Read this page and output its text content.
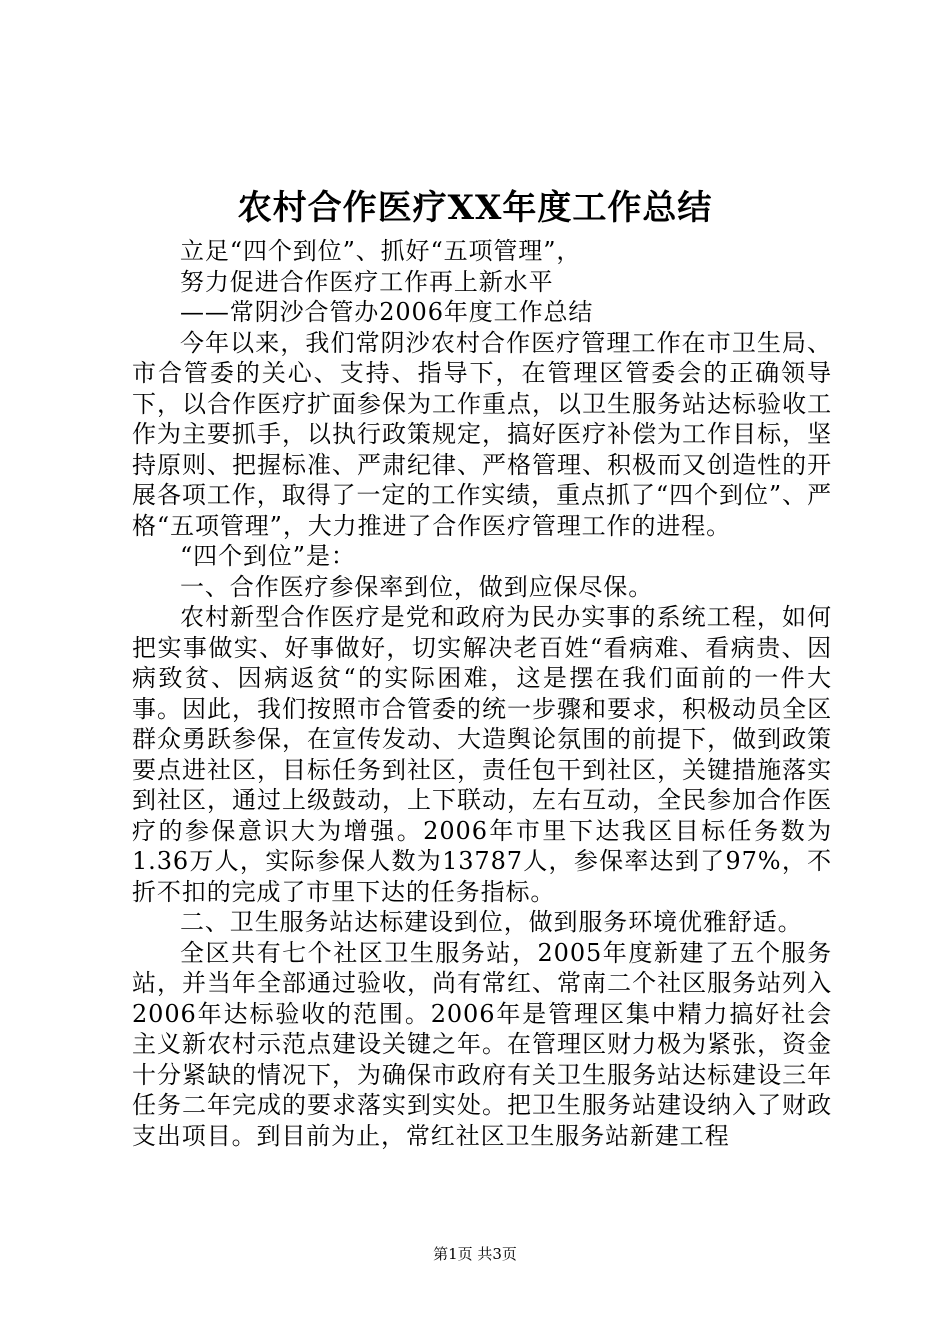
农村合作医疗XX年度工作总结

立足“四个到位”、抓好“五项管理”，

努力促进合作医疗工作再上新水平

——常阴沙合管办2006年度工作总结

今年以来，我们常阴沙农村合作医疗管理工作在市卫生局、市合管委的关心、支持、指导下，在管理区管委会的正确领导下，以合作医疗扩面参保为工作重点，以卫生服务站达标验收工作为主要抓手，以执行政策规定，搞好医疗补偿为工作目标，坚持原则、把握标准、严肃纪律、严格管理、积极而又创造性的开展各项工作，取得了一定的工作实绩，重点抓了“四个到位”、严格“五项管理”，大力推进了合作医疗管理工作的进程。

“四个到位”是：

一、合作医疗参保率到位，做到应保尽保。

农村新型合作医疗是党和政府为民办实事的系统工程，如何把实事做实、好事做好，切实解决老百姓“看病难、看病贵、因病致贫、因病返贫“的实际困难，这是摆在我们面前的一件大事。因此，我们按照市合管委的统一步骤和要求，积极动员全区群众勇跃参保，在宣传发动、大造舆论氛围的前提下，做到政策要点进社区，目标任务到社区，责任包干到社区，关键措施落实到社区，通过上级鼓动，上下联动，左右互动，全民参加合作医疗的参保意识大为增强。2006年市里下达我区目标任务数为1.36万人，实际参保人数为13787人，参保率达到了97%，不折不扣的完成了市里下达的任务指标。

二、卫生服务站达标建设到位，做到服务环境优雅舒适。

全区共有七个社区卫生服务站，2005年度新建了五个服务站，并当年全部通过验收，尚有常红、常南二个社区服务站列入2006年达标验收的范围。2006年是管理区集中精力搞好社会主义新农村示范点建设关键之年。在管理区财力极为紧张，资金十分紧缺的情况下，为确保市政府有关卫生服务站达标建设三年任务二年完成的要求落实到实处。把卫生服务站建设纳入了财政支出项目。到目前为止，常红社区卫生服务站新建工程

第1页 共3页
